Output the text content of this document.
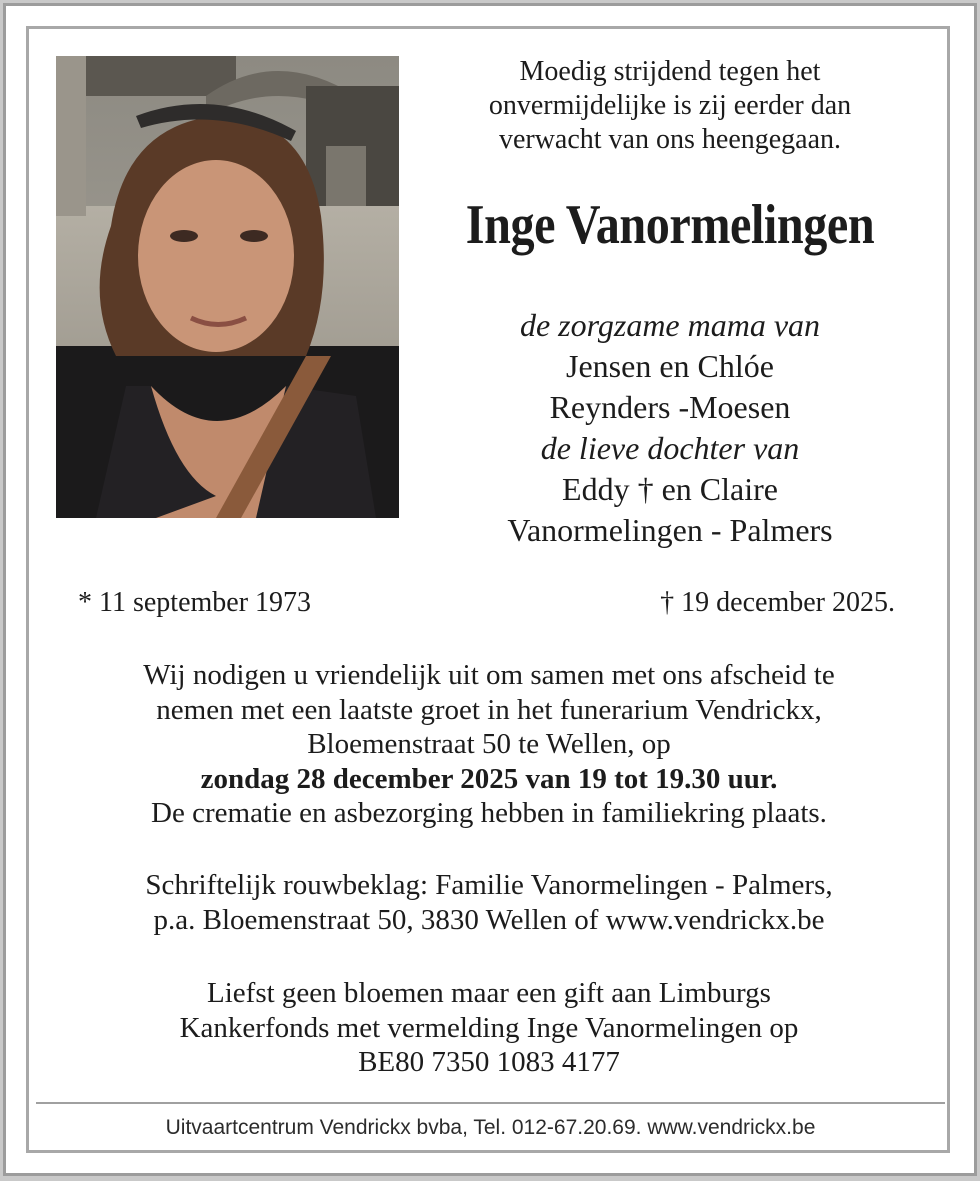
Moedig strijdend tegen het
onvermijdelijke is zij eerder dan
verwacht van ons heengegaan.
Inge Vanormelingen
de zorgzame mama van
Jensen en Chlóe
Reynders -Moesen
de lieve dochter van
Eddy † en Claire
Vanormelingen - Palmers
* 11 september 1973	† 19 december 2025.
Wij nodigen u vriendelijk uit om samen met ons afscheid te
nemen met een laatste groet in het funerarium Vendrickx,
Bloemenstraat 50 te Wellen, op
zondag 28 december 2025 van 19 tot 19.30 uur.
De crematie en asbezorging hebben in familiekring plaats.
Schriftelijk rouwbeklag: Familie Vanormelingen - Palmers,
p.a. Bloemenstraat 50, 3830 Wellen of www.vendrickx.be
Liefst geen bloemen maar een gift aan Limburgs
Kankerfonds met vermelding Inge Vanormelingen op
BE80 7350 1083 4177
Uitvaartcentrum Vendrickx bvba, Tel. 012-67.20.69. www.vendrickx.be
